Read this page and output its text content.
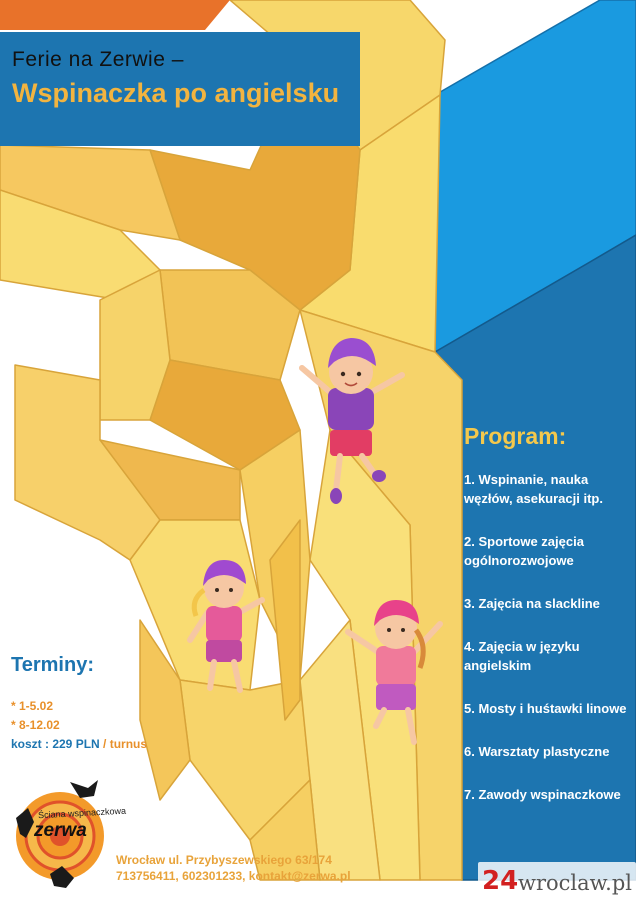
Ferie na Zerwie –
Wspinaczka po angielsku
Program:
1. Wspinanie, nauka węzłów, asekuracji itp.
2. Sportowe zajęcia ogólnorozwojowe
3. Zajęcia na slackline
4. Zajęcia w języku angielskim
5. Mosty i huśtawki linowe
6. Warsztaty plastyczne
7. Zawody wspinaczkowe
Terminy:
* 1-5.02
* 8-12.02
koszt : 229 PLN / turnus
Ściana wspinaczkowa
zerwa
Wrocław ul. Przybyszewskiego 63/174
713756411, 602301233, kontakt@zerwa.pl	24 wroclaw.pl
